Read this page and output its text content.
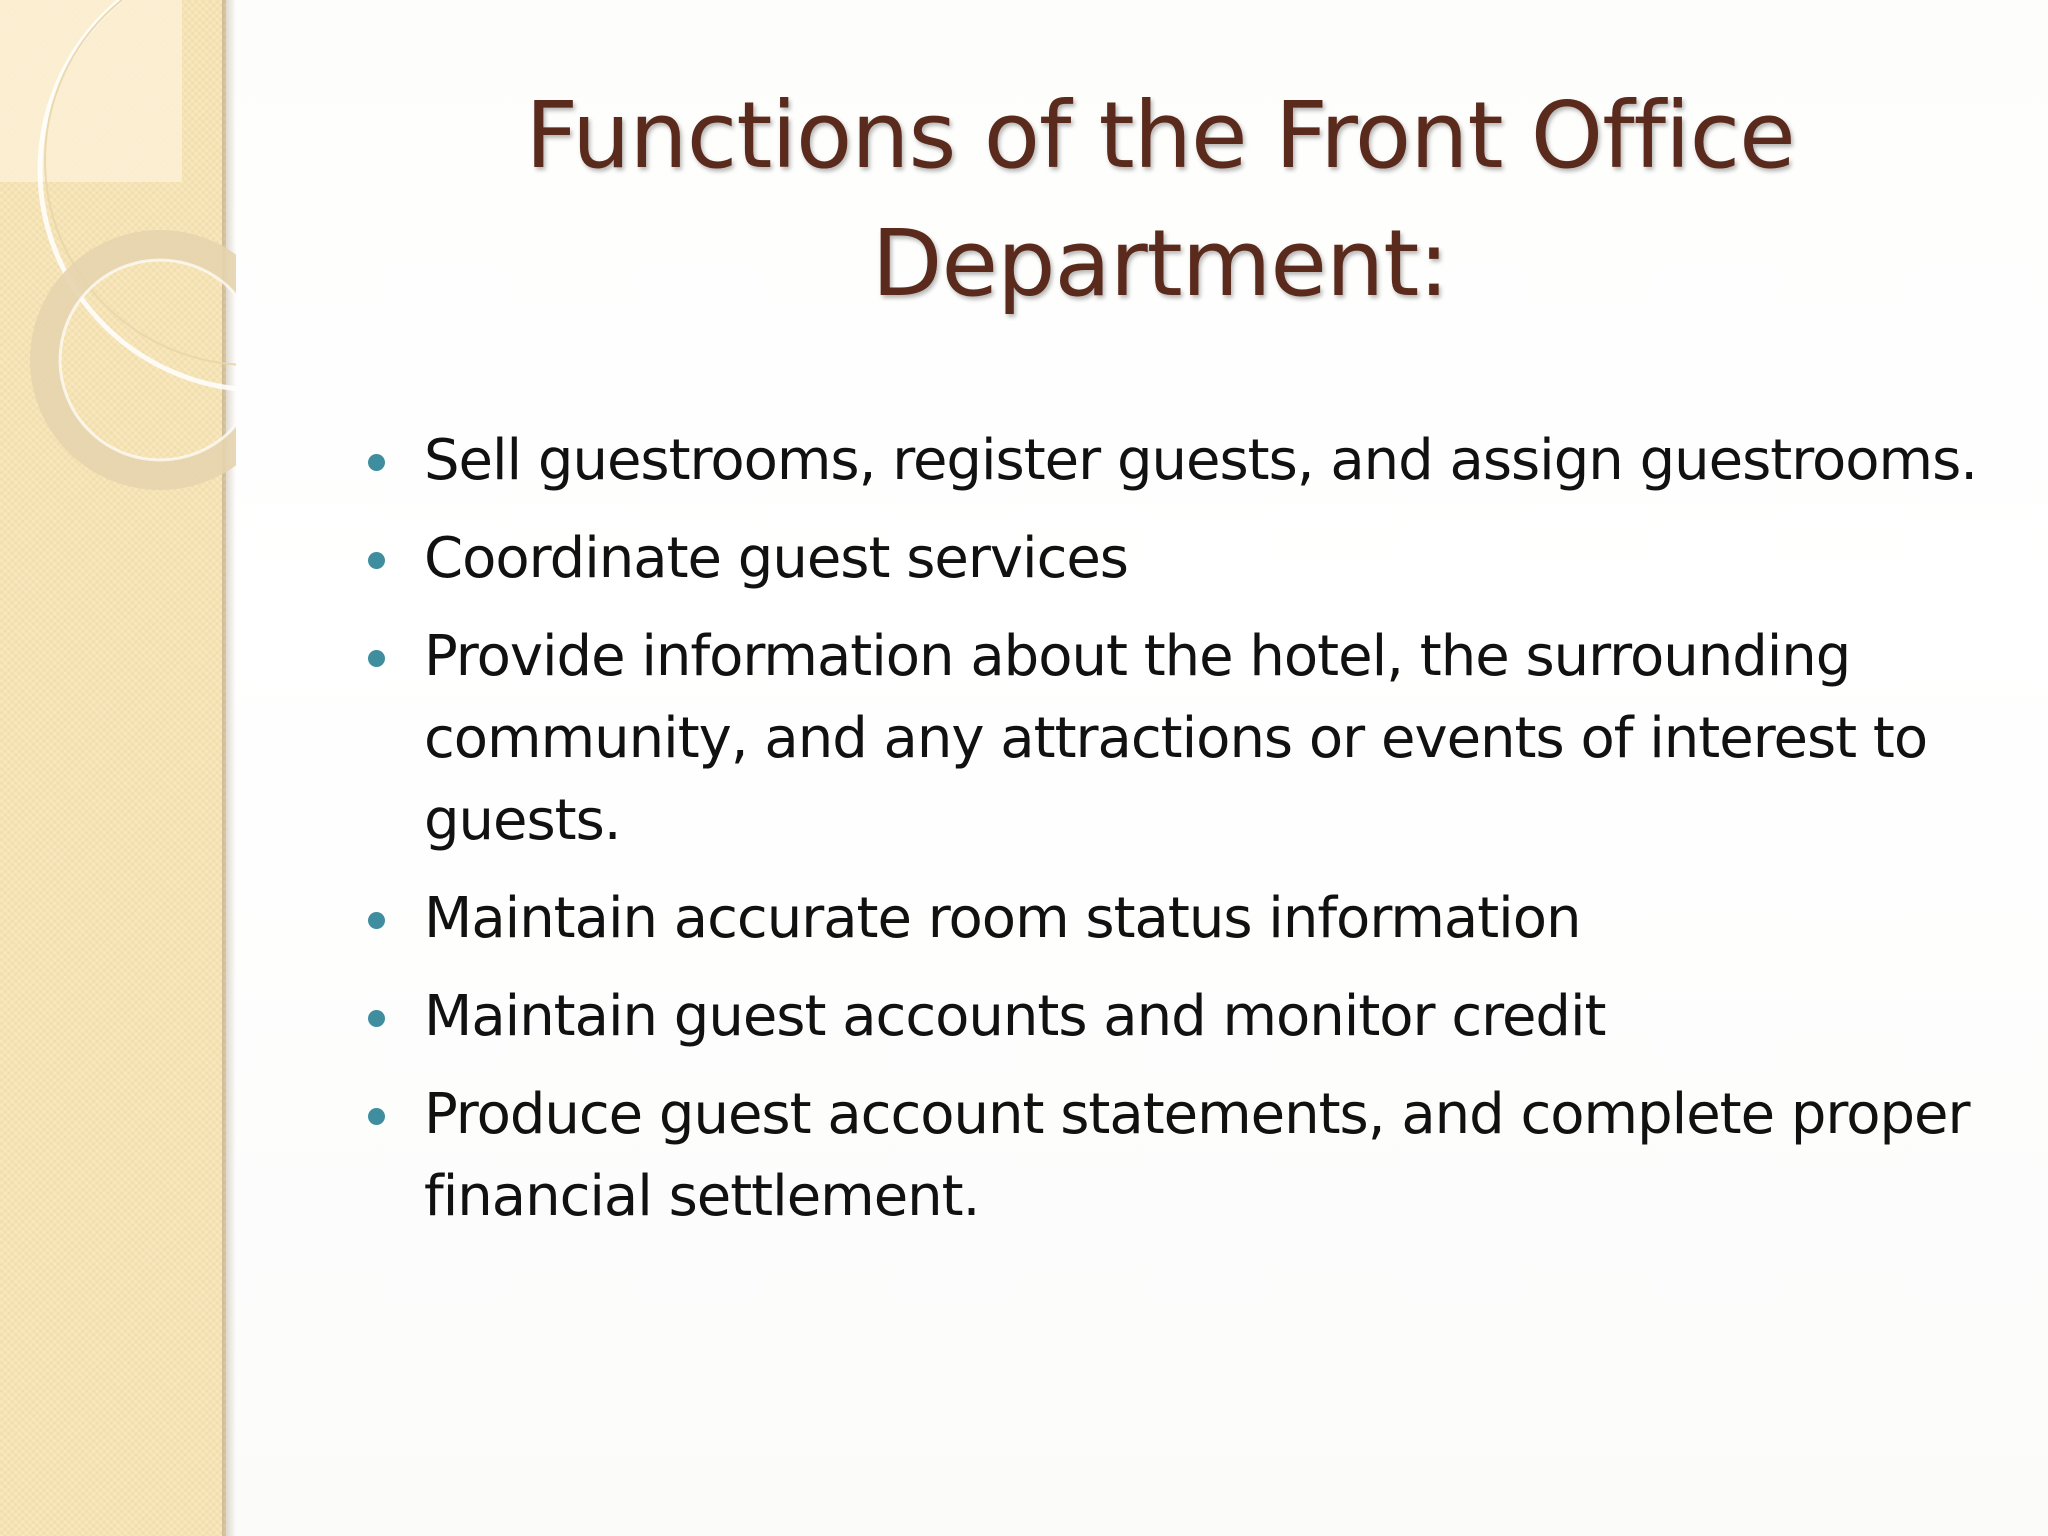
Functions of the Front Office
Department:
Sell guestrooms, register guests, and assign guestrooms.
Coordinate guest services
Provide information about the hotel, the surrounding community, and any attractions or events of interest to guests.
Maintain accurate room status information
Maintain guest accounts and monitor credit
Produce guest account statements, and complete proper financial settlement.
